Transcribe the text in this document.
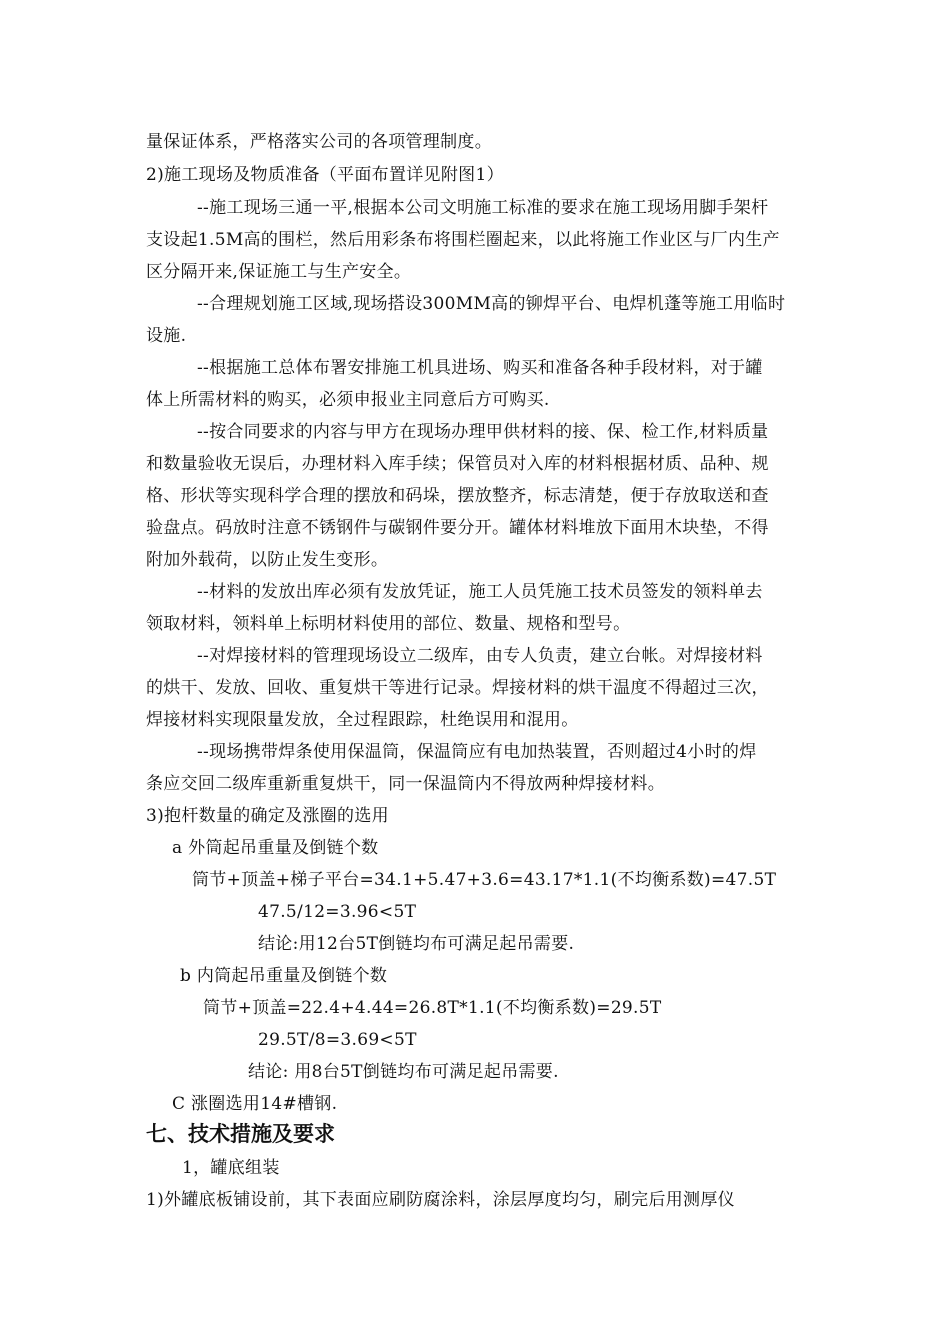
量保证体系，严格落实公司的各项管理制度。
2)施工现场及物质准备（平面布置详见附图1）
--施工现场三通一平,根据本公司文明施工标准的要求在施工现场用脚手架杆
支设起1.5M高的围栏，然后用彩条布将围栏圈起来，以此将施工作业区与厂内生产
区分隔开来,保证施工与生产安全。
--合理规划施工区域,现场搭设300MM高的铆焊平台、电焊机蓬等施工用临时
设施.
--根据施工总体布署安排施工机具进场、购买和准备各种手段材料，对于罐
体上所需材料的购买，必须申报业主同意后方可购买.
--按合同要求的内容与甲方在现场办理甲供材料的接、保、检工作,材料质量
和数量验收无误后，办理材料入库手续；保管员对入库的材料根据材质、品种、规
格、形状等实现科学合理的摆放和码垛，摆放整齐，标志清楚，便于存放取送和查
验盘点。码放时注意不锈钢件与碳钢件要分开。罐体材料堆放下面用木块垫，不得
附加外载荷，以防止发生变形。
--材料的发放出库必须有发放凭证，施工人员凭施工技术员签发的领料单去
领取材料，领料单上标明材料使用的部位、数量、规格和型号。
--对焊接材料的管理现场设立二级库，由专人负责，建立台帐。对焊接材料
的烘干、发放、回收、重复烘干等进行记录。焊接材料的烘干温度不得超过三次，
焊接材料实现限量发放，全过程跟踪，杜绝误用和混用。
--现场携带焊条使用保温筒，保温筒应有电加热装置，否则超过4小时的焊
条应交回二级库重新重复烘干，同一保温筒内不得放两种焊接材料。
3)抱杆数量的确定及涨圈的选用
a 外筒起吊重量及倒链个数
筒节+顶盖+梯子平台=34.1+5.47+3.6=43.17*1.1(不均衡系数)=47.5T
47.5/12=3.96<5T
结论:用12台5T倒链均布可满足起吊需要.
b 内筒起吊重量及倒链个数
筒节+顶盖=22.4+4.44=26.8T*1.1(不均衡系数)=29.5T
29.5T/8=3.69<5T
结论: 用8台5T倒链均布可满足起吊需要.
C 涨圈选用14#槽钢.
七、技术措施及要求
1，罐底组装
1)外罐底板铺设前，其下表面应刷防腐涂料，涂层厚度均匀，刷完后用测厚仪
